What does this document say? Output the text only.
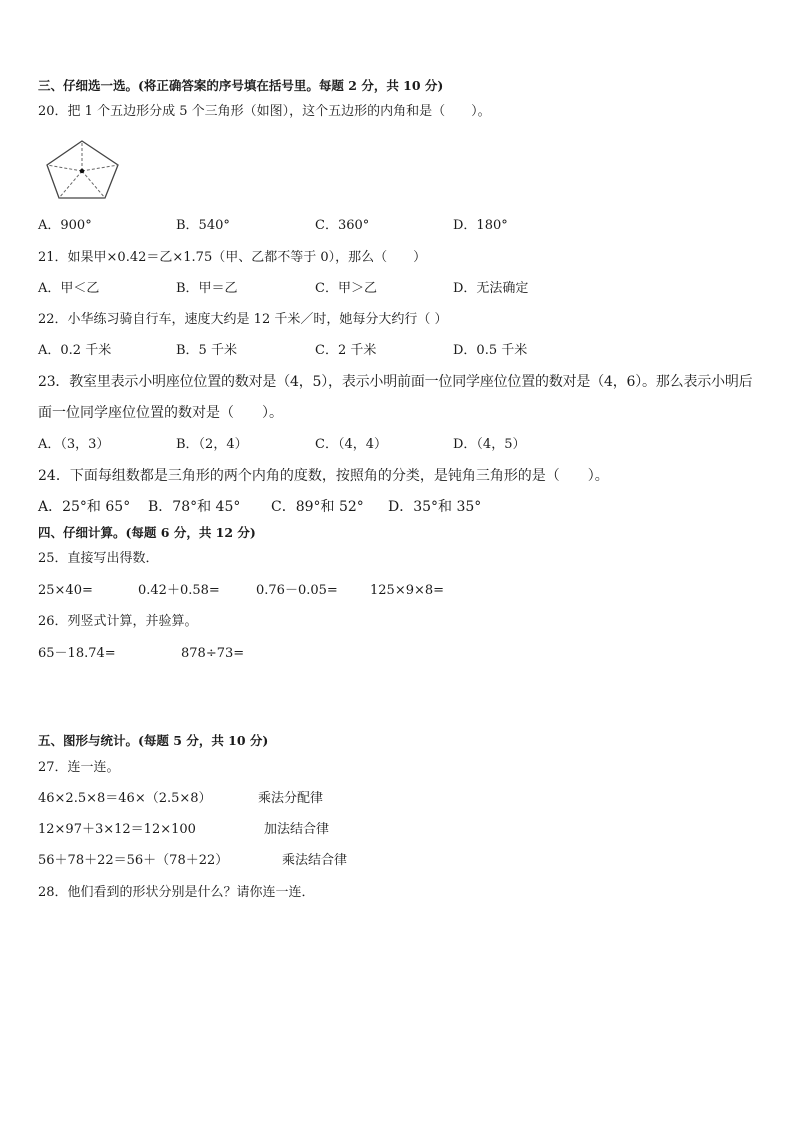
三、仔细选一选。(将正确答案的序号填在括号里。每题 2 分，共 10 分)
20．把 1 个五边形分成 5 个三角形（如图），这个五边形的内角和是（　　）。
A．900°	B．540°	C．360°	D．180°
21．如果甲×0.42＝乙×1.75（甲、乙都不等于 0），那么（　　）
A．甲＜乙	B．甲＝乙	C．甲＞乙	D．无法确定
22．小华练习骑自行车，速度大约是 12 千米／时，她每分大约行（ ）
A．0.2 千米	B．5 千米	C．2 千米	D．0.5 千米
23．教室里表示小明座位位置的数对是（4，5），表示小明前面一位同学座位位置的数对是（4，6）。那么表示小明后
面一位同学座位位置的数对是（　　）。
A．（3，3）	B．（2，4）	C．（4，4）	D．（4，5）
24．下面每组数都是三角形的两个内角的度数，按照角的分类，是钝角三角形的是（　　）。
A．25°和 65° B．78°和 45° C．89°和 52° D．35°和 35°
四、仔细计算。(每题 6 分，共 12 分)
25．直接写出得数．
25×40=	0.42＋0.58=	0.76－0.05= 125×9×8=
26．列竖式计算，并验算。
65－18.74=	878÷73=
五、图形与统计。(每题 5 分，共 10 分)
27．连一连。
46×2.5×8＝46×（2.5×8）	乘法分配律
12×97＋3×12＝12×100	加法结合律
56＋78＋22＝56＋（78＋22）	乘法结合律
28．他们看到的形状分别是什么？请你连一连．
